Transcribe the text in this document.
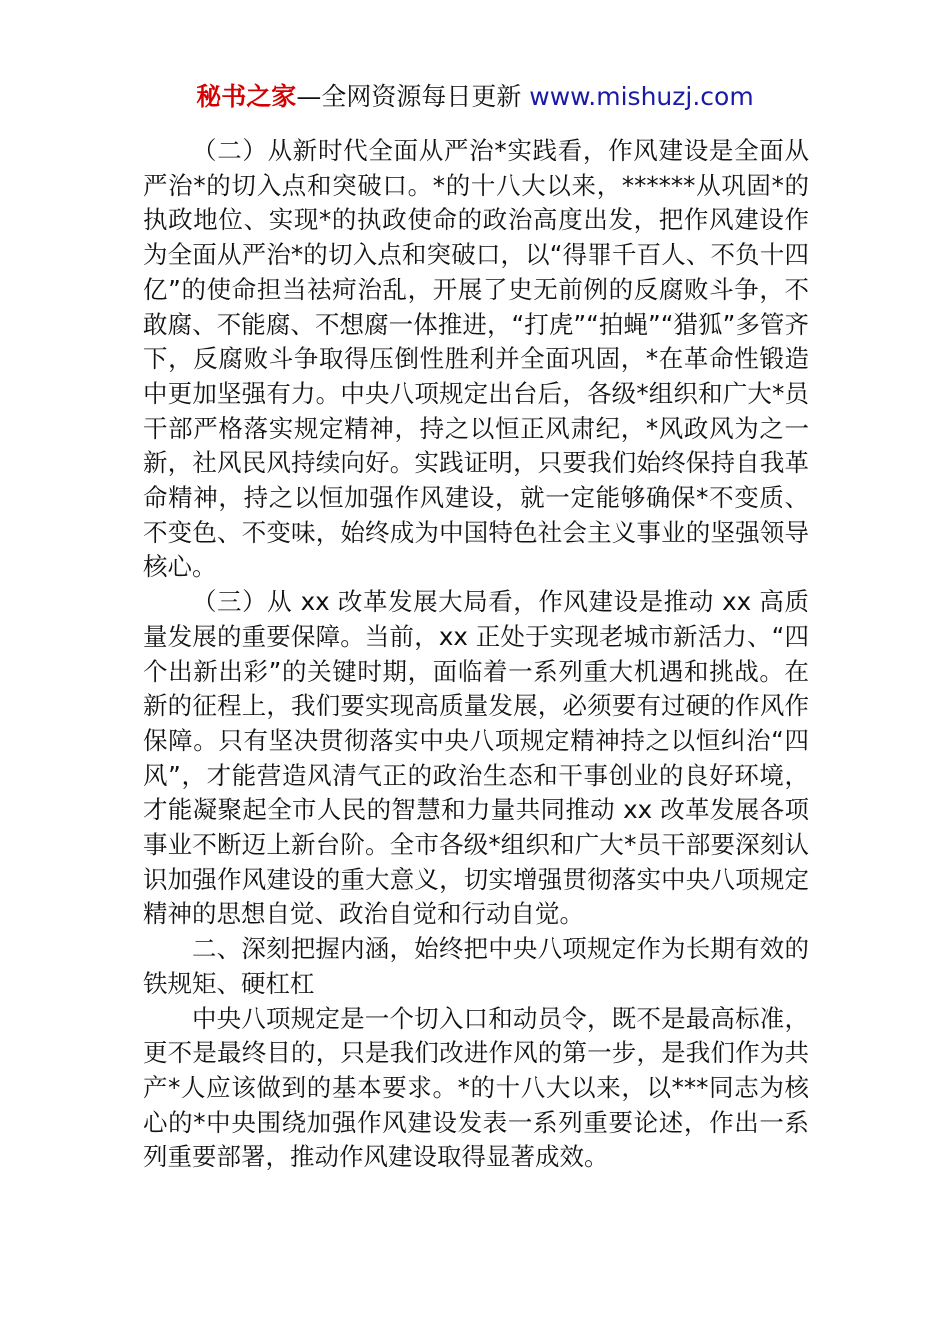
秘书之家—全网资源每日更新 www.mishuzj.com

（二）从新时代全面从严治*实践看，作风建设是全面从严治*的切入点和突破口。*的十八大以来，******从巩固*的执政地位、实现*的执政使命的政治高度出发，把作风建设作为全面从严治*的切入点和突破口，以“得罪千百人、不负十四亿”的使命担当祛疴治乱，开展了史无前例的反腐败斗争，不敢腐、不能腐、不想腐一体推进，“打虎”“拍蝇”“猎狐”多管齐下，反腐败斗争取得压倒性胜利并全面巩固，*在革命性锻造中更加坚强有力。中央八项规定出台后，各级*组织和广大*员干部严格落实规定精神，持之以恒正风肃纪，*风政风为之一新，社风民风持续向好。实践证明，只要我们始终保持自我革命精神，持之以恒加强作风建设，就一定能够确保*不变质、不变色、不变味，始终成为中国特色社会主义事业的坚强领导核心。

（三）从 xx 改革发展大局看，作风建设是推动 xx 高质量发展的重要保障。当前，xx 正处于实现老城市新活力、“四个出新出彩”的关键时期，面临着一系列重大机遇和挑战。在新的征程上，我们要实现高质量发展，必须要有过硬的作风作保障。只有坚决贯彻落实中央八项规定精神持之以恒纠治“四风”，才能营造风清气正的政治生态和干事创业的良好环境，才能凝聚起全市人民的智慧和力量共同推动 xx 改革发展各项事业不断迈上新台阶。全市各级*组织和广大*员干部要深刻认识加强作风建设的重大意义，切实增强贯彻落实中央八项规定精神的思想自觉、政治自觉和行动自觉。

二、深刻把握内涵，始终把中央八项规定作为长期有效的铁规矩、硬杠杠

中央八项规定是一个切入口和动员令，既不是最高标准，更不是最终目的，只是我们改进作风的第一步，是我们作为共产*人应该做到的基本要求。*的十八大以来，以***同志为核心的*中央围绕加强作风建设发表一系列重要论述，作出一系列重要部署，推动作风建设取得显著成效。
